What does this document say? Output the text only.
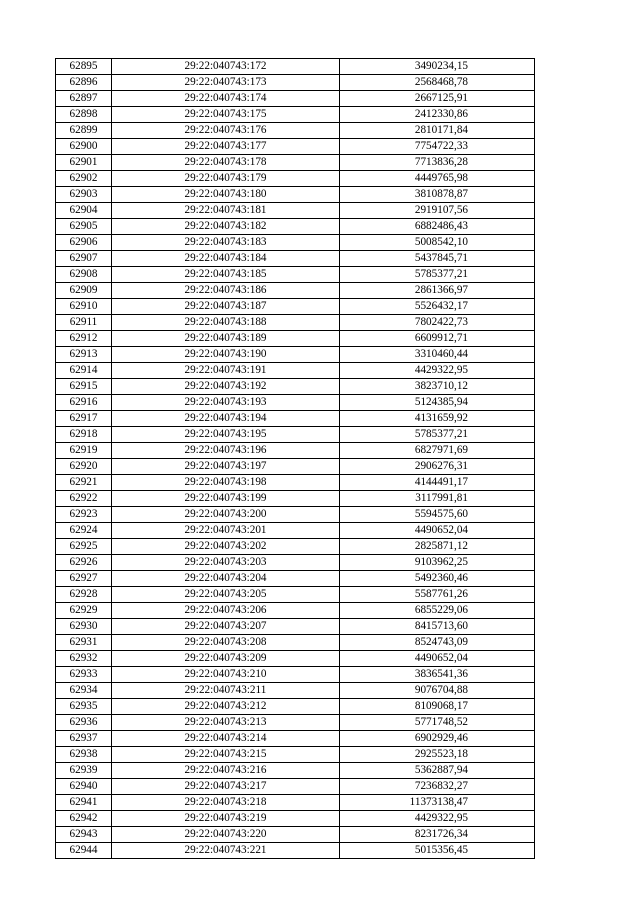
62895	29:22:040743:172	3490234,15
62896	29:22:040743:173	2568468,78
62897	29:22:040743:174	2667125,91
62898	29:22:040743:175	2412330,86
62899	29:22:040743:176	2810171,84
62900	29:22:040743:177	7754722,33
62901	29:22:040743:178	7713836,28
62902	29:22:040743:179	4449765,98
62903	29:22:040743:180	3810878,87
62904	29:22:040743:181	2919107,56
62905	29:22:040743:182	6882486,43
62906	29:22:040743:183	5008542,10
62907	29:22:040743:184	5437845,71
62908	29:22:040743:185	5785377,21
62909	29:22:040743:186	2861366,97
62910	29:22:040743:187	5526432,17
62911	29:22:040743:188	7802422,73
62912	29:22:040743:189	6609912,71
62913	29:22:040743:190	3310460,44
62914	29:22:040743:191	4429322,95
62915	29:22:040743:192	3823710,12
62916	29:22:040743:193	5124385,94
62917	29:22:040743:194	4131659,92
62918	29:22:040743:195	5785377,21
62919	29:22:040743:196	6827971,69
62920	29:22:040743:197	2906276,31
62921	29:22:040743:198	4144491,17
62922	29:22:040743:199	3117991,81
62923	29:22:040743:200	5594575,60
62924	29:22:040743:201	4490652,04
62925	29:22:040743:202	2825871,12
62926	29:22:040743:203	9103962,25
62927	29:22:040743:204	5492360,46
62928	29:22:040743:205	5587761,26
62929	29:22:040743:206	6855229,06
62930	29:22:040743:207	8415713,60
62931	29:22:040743:208	8524743,09
62932	29:22:040743:209	4490652,04
62933	29:22:040743:210	3836541,36
62934	29:22:040743:211	9076704,88
62935	29:22:040743:212	8109068,17
62936	29:22:040743:213	5771748,52
62937	29:22:040743:214	6902929,46
62938	29:22:040743:215	2925523,18
62939	29:22:040743:216	5362887,94
62940	29:22:040743:217	7236832,27
62941	29:22:040743:218	11373138,47
62942	29:22:040743:219	4429322,95
62943	29:22:040743:220	8231726,34
62944	29:22:040743:221	5015356,45
